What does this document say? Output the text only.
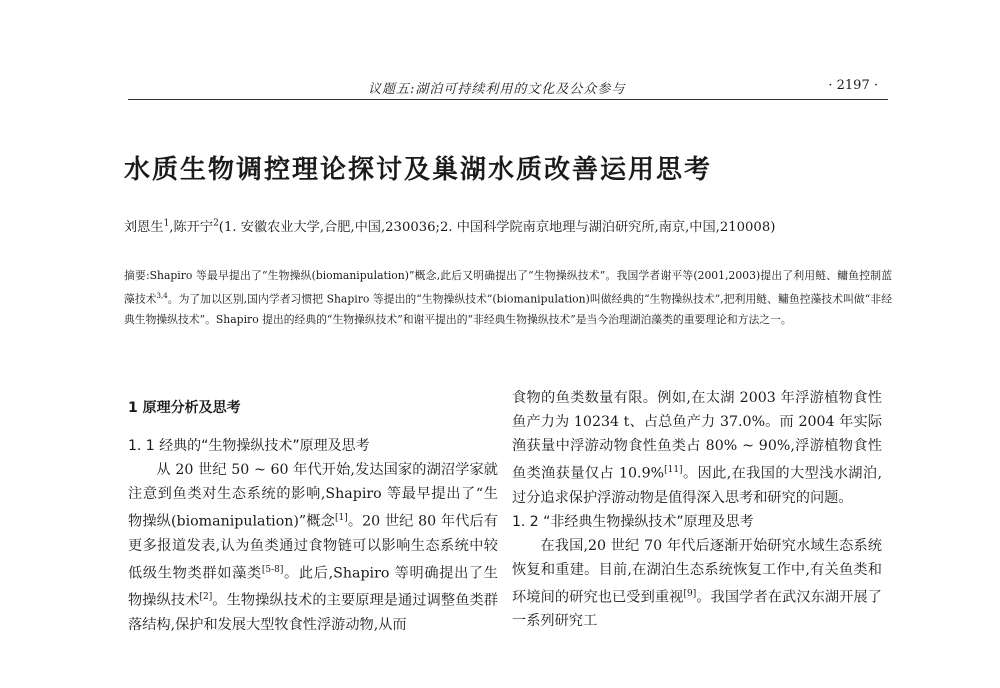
议题五:湖泊可持续利用的文化及公众参与	· 2197 ·
水质生物调控理论探讨及巢湖水质改善运用思考
刘恩生$^1$,陈开宁$^2$(1. 安徽农业大学,合肥,中国,230036;2. 中国科学院南京地理与湖泊研究所,南京,中国,210008)

摘要:Shapiro 等最早提出了“生物操纵(biomanipulation)”概念,此后又明确提出了“生物操纵技术”。我国学者谢平等(2001,2003)提出了利用鲢、鳙鱼控制蓝藻技术$^{3,4}$。为了加以区别,国内学者习惯把 Shapiro 等提出的“生物操纵技术”(biomanipulation)叫做经典的“生物操纵技术”,把利用鲢、鳙鱼控藻技术叫做“非经典生物操纵技术”。Shapiro 提出的经典的“生物操纵技术”和谢平提出的“非经典生物操纵技术”是当今治理湖泊藻类的重要理论和方法之一。

1 原理分析及思考
1. 1 经典的“生物操纵技术”原理及思考

从 20 世纪 50 ~ 60 年代开始,发达国家的湖沼学家就注意到鱼类对生态系统的影响,Shapiro 等最早提出了“生物操纵(biomanipulation)”概念[1]。20 世纪 80 年代后有更多报道发表,认为鱼类通过食物链可以影响生态系统中较低级生物类群如藻类[5-8]。此后,Shapiro 等明确提出了生物操纵技术[2]。生物操纵技术的主要原理是通过调整鱼类群落结构,保护和发展大型牧食性浮游动物,从而

食物的鱼类数量有限。例如,在太湖 2003 年浮游植物食性鱼产力为 10234 t、占总鱼产力 37.0%。而 2004 年实际渔获量中浮游动物食性鱼类占 80% ~ 90%,浮游植物食性鱼类渔获量仅占 10.9%[11]。因此,在我国的大型浅水湖泊,过分追求保护浮游动物是值得深入思考和研究的问题。

1. 2 “非经典生物操纵技术”原理及思考

在我国,20 世纪 70 年代后逐渐开始研究水域生态系统恢复和重建。目前,在湖泊生态系统恢复工作中,有关鱼类和环境间的研究也已受到重视[9]。我国学者在武汉东湖开展了一系列研究工
